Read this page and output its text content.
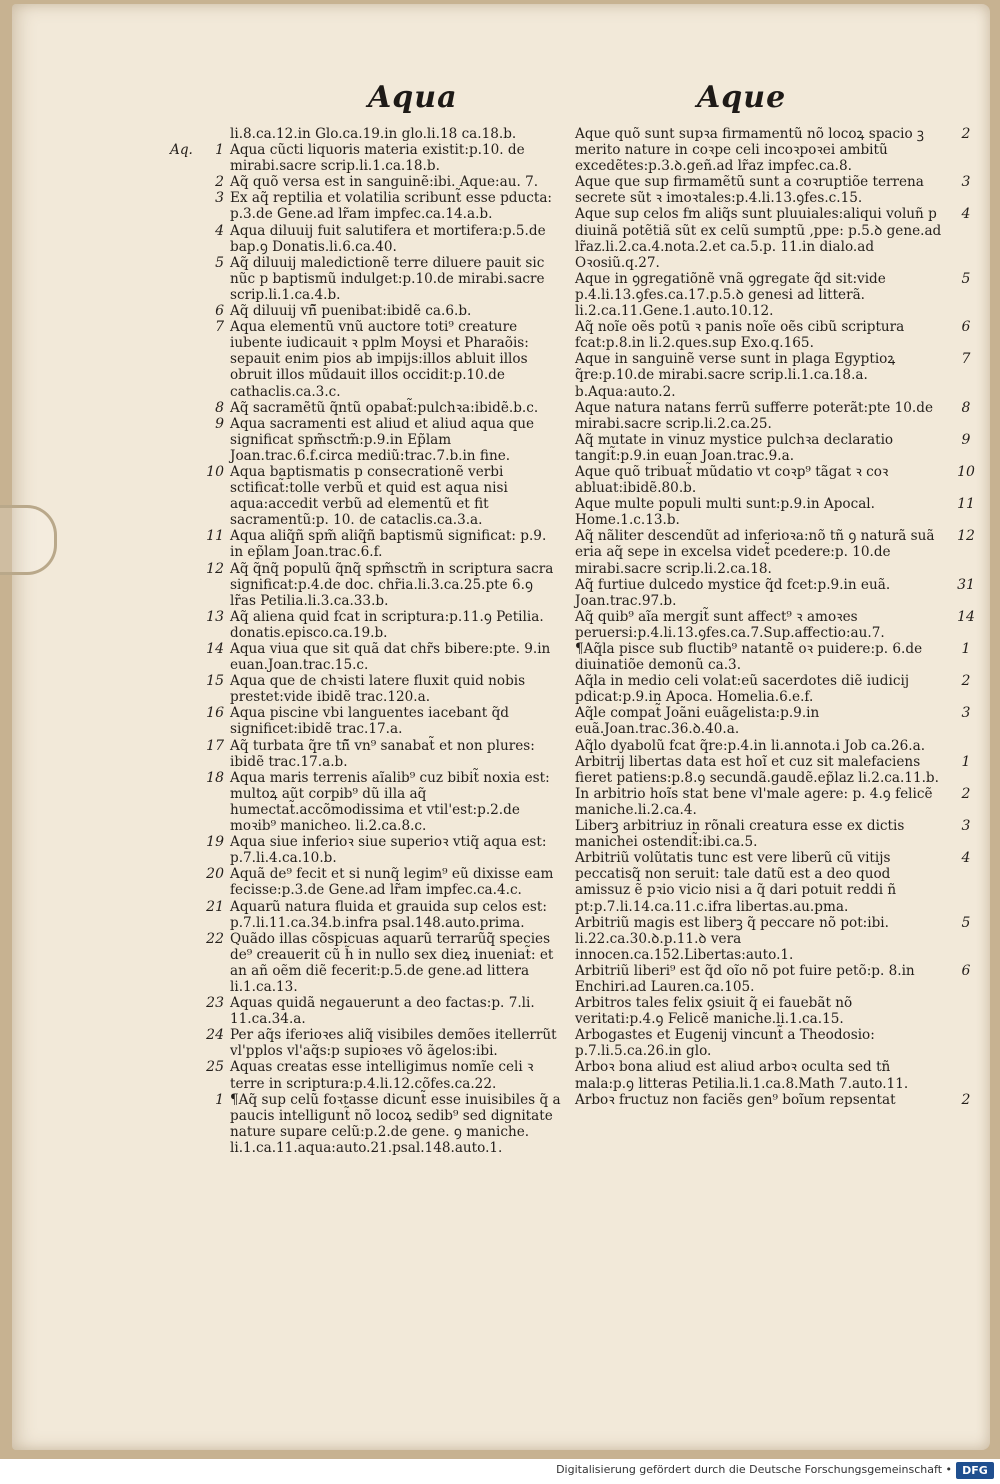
Aqua	Aque
li.8.ca.12.in Glo.ca.19.in glo.li.18 ca.18.b.
Aq.	1 Aqua cũcti liquoris materia existit:p.10. de mirabi.sacre scrip.li.1.ca.18.b.
2 Aq̃ quõ versa est in sanguinẽ:ibi. Aque:au. 7.
3 Ex aq̃ reptilia et volatilia scribunt̃ esse pducta: p.3.de Gene.ad lr̃am impfec.ca.14.a.b.
4 Aqua diluuij fuit salutifera et mortifera:p.5.de bap.ꝯ Donatis.li.6.ca.40.
5 Aq̃ diluuij maledictionẽ terre diluere pauit sic nũc p baptismũ indulget:p.10.de mirabi.sacre scrip.li.1.ca.4.b.
6 Aq̃ diluuij vñ̃ puenibat:ibidẽ ca.6.b.
7 Aqua elementũ vnũ auctore toti⁹ creature iubente iudicauit ꝛ pplm Moysi et Pharaõis: sepauit enim pios ab impijs:illos abluit illos obruit illos mũdauit illos occidit:p.10.de cathaclis.ca.3.c.
8 Aq̃ sacramẽtũ q̃ntũ opabat̃:pulchꝛa:ibidẽ.b.c.
9 Aqua sacramenti est aliud et aliud aqua que significat spm̃sctm̃:p.9.in Ep̃lam Joan.trac.6.f.circa mediũ:trac.7.b.in fine.
10 Aqua baptismatis p consecrationẽ verbi sctificat̃:tolle verbũ et quid est aqua nisi aqua:accedit verbũ ad elementũ et fit sacramentũ:p. 10. de cataclis.ca.3.a.
11 Aqua aliq̃ñ spm̃ aliq̃ñ baptismũ significat: p.9. in ep̃lam Joan.trac.6.f.
12 Aq̃ q̃nq̃ populũ q̃nq̃ spm̃sctm̃ in scriptura sacra significat:p.4.de doc. chr̃ia.li.3.ca.25.pte 6.ꝯ lr̃as Petilia.li.3.ca.33.b.
13 Aq̃ aliena quid fcat in scriptura:p.11.ꝯ Petilia. donatis.episco.ca.19.b.
14 Aqua viua que sit quã dat chr̃s bibere:pte. 9.in euan.Joan.trac.15.c.
15 Aqua que de chꝛisti latere fluxit quid nobis prestet:vide ibidẽ trac.120.a.
16 Aqua piscine vbi languentes iacebant q̃d significet:ibidẽ trac.17.a.
17 Aq̃ turbata q̃re tñ̃ vn⁹ sanabat̃ et non plures: ibidẽ trac.17.a.b.
18 Aqua maris terrenis aĩalib⁹ cuz bibit̃ noxia est: multoꝝ aũt corpib⁹ dũ illa aq̃ humectat̃.accõmodissima et vtil'est:p.2.de moꝛib⁹ manicheo. li.2.ca.8.c.
19 Aqua siue inferioꝛ siue superioꝛ vtiq̃ aqua est: p.7.li.4.ca.10.b.
20 Aquã de⁹ fecit et si nunq̃ legim⁹ eũ dixisse eam fecisse:p.3.de Gene.ad lr̃am impfec.ca.4.c.
21 Aquarũ natura fluida et grauida sup celos est: p.7.li.11.ca.34.b.infra psal.148.auto.prima.
22 Quãdo illas cõspicuas aquarũ terrarũq̃ species de⁹ creauerit cũ h̃ in nullo sex dieꝝ inueniat̃: et an añ oẽm diẽ fecerit:p.5.de gene.ad littera li.1.ca.13.
23 Aquas quidã negauerunt a deo factas:p. 7.li. 11.ca.34.a.
24 Per aq̃s iferioꝛes aliq̃ visibiles demões itellerrũt vl'pplos vl'aq̃s:p supioꝛes võ ãgelos:ibi.
25 Aquas creatas esse intelligimus nomĩe celi ꝛ terre in scriptura:p.4.li.12.cõfes.ca.22.
1 ¶Aq̃ sup celũ foꝛtasse dicunt̃ esse inuisibiles q̃ a paucis intelligunt̃ nõ locoꝝ sedib⁹ sed dignitate nature supare celũ:p.2.de gene. ꝯ maniche. li.1.ca.11.aqua:auto.21.psal.148.auto.1.
2
Aque quõ sunt supꝛa firmamentũ nõ locoꝝ spacio ꝫ merito nature in coꝛpe celi incoꝛpoꝛei ambitũ excedẽtes:p.3.ꝺ.geñ.ad lr̃az impfec.ca.8.
3
Aque que sup firmamẽtũ sunt a coꝛruptiõe terrena secrete sũt ꝛ imoꝛtales:p.4.li.13.ꝯfes.c.15.
4
Aque sup celos fm aliq̃s sunt pluuiales:aliqui voluñ p diuinã potẽtiã sũt ex celũ sumptũ ,ppe: p.5.ꝺ gene.ad lr̃az.li.2.ca.4.nota.2.et ca.5.p. 11.in dialo.ad Oꝛosiũ.q.27.
5
Aque in ꝯgregatiõnẽ vnã ꝯgregate q̃d sit:vide p.4.li.13.ꝯfes.ca.17.p.5.ꝺ genesi ad litterã. li.2.ca.11.Gene.1.auto.10.12.
6
Aq̃ noĩe oẽs potũ ꝛ panis noĩe oẽs cibũ scriptura fcat:p.8.in li.2.ques.sup Exo.q.165.
7
Aque in sanguinẽ verse sunt in plaga Egyptioꝝ q̃re:p.10.de mirabi.sacre scrip.li.1.ca.18.a. b.Aqua:auto.2.
8
Aque natura natans ferrũ sufferre poterãt:pte 10.de mirabi.sacre scrip.li.2.ca.25.
9
Aq̃ mutate in vinuz mystice pulchꝛa declaratio tangit̃:p.9.in euan Joan.trac.9.a.
10
Aque quõ tribuat̃ mũdatio vt coꝛp⁹ tãgat ꝛ coꝛ abluat:ibidẽ.80.b.
11
Aque multe populi multi sunt:p.9.in Apocal. Home.1.c.13.b.
12
Aq̃ nãliter descendũt ad inferioꝛa:nõ tñ ꝯ naturã suã eria aq̃ sepe in excelsa videt̃ pcedere:p. 10.de mirabi.sacre scrip.li.2.ca.18.
31
Aq̃ furtiue dulcedo mystice q̃d fcet:p.9.in euã. Joan.trac.97.b.
14
Aq̃ quib⁹ aĩa mergit̃ sunt affect⁹ ꝛ amoꝛes peruersi:p.4.li.13.ꝯfes.ca.7.Sup.affectio:au.7.
1
¶Aq̃la pisce sub fluctib⁹ natantẽ oꝛ puidere:p. 6.de diuinatiõe demonũ ca.3.
2
Aq̃la in medio celi volat:eũ sacerdotes diẽ iudicij pdicat:p.9.in Apoca. Homelia.6.e.f.
3
Aq̃le compat̃ Joãni euãgelista:p.9.in euã.Joan.trac.36.ꝺ.40.a.
Aq̃lo dyabolũ fcat q̃re:p.4.in li.annota.i Job ca.26.a.
1
Arbitrij libertas data est hoĩ et cuz sit malefaciens fieret patiens:p.8.ꝯ secundã.gaudẽ.ep̃laz li.2.ca.11.b.
2
In arbitrio hoĩs stat bene vl'male agere: p. 4.ꝯ felicẽ maniche.li.2.ca.4.
3
Liberꝫ arbitriuz in rõnali creatura esse ex dictis manichei ostendit̃:ibi.ca.5.
4
Arbitriũ volũtatis tunc est vere liberũ cũ vitijs peccatisq̃ non seruit: tale datũ est a deo quod amissuz ẽ pꝛio vicio nisi a q̃ dari potuit reddi ñ pt:p.7.li.14.ca.11.c.ifra libertas.au.pma.
5
Arbitriũ magis est liberꝫ q̃ peccare nõ pot:ibi. li.22.ca.30.ꝺ.p.11.ꝺ vera innocen.ca.152.Libertas:auto.1.
6
Arbitriũ liberi⁹ est q̃d oĩo nõ pot fuire petõ:p. 8.in Enchiri.ad Lauren.ca.105.
Arbitros tales felix ꝯsiuit q̃ ei fauebãt nõ veritati:p.4.ꝯ Felicẽ maniche.li.1.ca.15.
Arbogastes et Eugenij vincunt̃ a Theodosio: p.7.li.5.ca.26.in glo.
Arboꝛ bona aliud est aliud arboꝛ oculta sed tñ mala:p.ꝯ litteras Petilia.li.1.ca.8.Math 7.auto.11.
2
Arboꝛ fructuz non faciẽs gen⁹ boĩum repsentat
Digitalisierung gefördert durch die Deutsche Forschungsgemeinschaft • DFG
